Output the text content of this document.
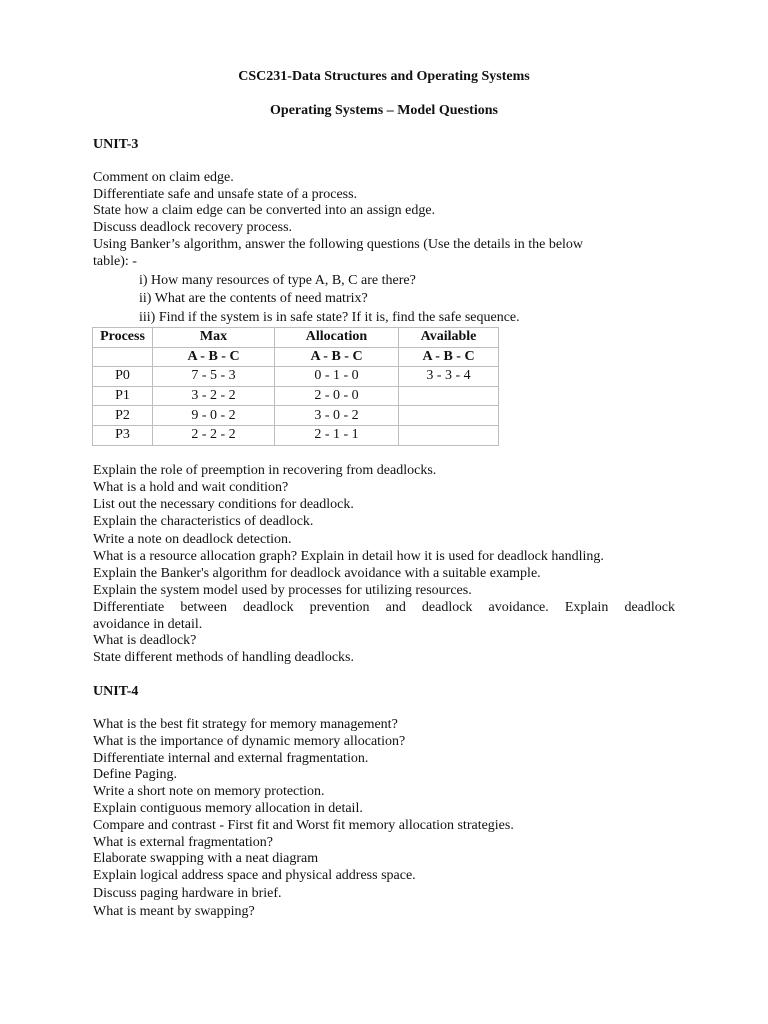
CSC231-Data Structures and Operating Systems
Operating Systems – Model Questions
UNIT-3
Comment on claim edge.
Differentiate safe and unsafe state of a process.
State how a claim edge can be converted into an assign edge.
Discuss deadlock recovery process.
Using Banker’s algorithm, answer the following questions (Use the details in the below
table): -
i) How many resources of type A, B, C are there?
ii) What are the contents of need matrix?
iii) Find if the system is in safe state? If it is, find the safe sequence.
Process	Max	Allocation	Available
	A - B - C	A - B - C	A - B - C
P0	7 - 5 - 3	0 - 1 - 0	3 - 3 - 4
P1	3 - 2 - 2	2 - 0 - 0	
P2	9 - 0 - 2	3 - 0 - 2	
P3	2 - 2 - 2	2 - 1 - 1	
Explain the role of preemption in recovering from deadlocks.
What is a hold and wait condition?
List out the necessary conditions for deadlock.
Explain the characteristics of deadlock.
Write a note on deadlock detection.
What is a resource allocation graph? Explain in detail how it is used for deadlock handling.
Explain the Banker's algorithm for deadlock avoidance with a suitable example.
Explain the system model used by processes for utilizing resources.
Differentiate between deadlock prevention and deadlock avoidance. Explain deadlock
avoidance in detail.
What is deadlock?
State different methods of handling deadlocks.
UNIT-4
What is the best fit strategy for memory management?
What is the importance of dynamic memory allocation?
Differentiate internal and external fragmentation.
Define Paging.
Write a short note on memory protection.
Explain contiguous memory allocation in detail.
Compare and contrast - First fit and Worst fit memory allocation strategies.
What is external fragmentation?
Elaborate swapping with a neat diagram
Explain logical address space and physical address space.
Discuss paging hardware in brief.
What is meant by swapping?
